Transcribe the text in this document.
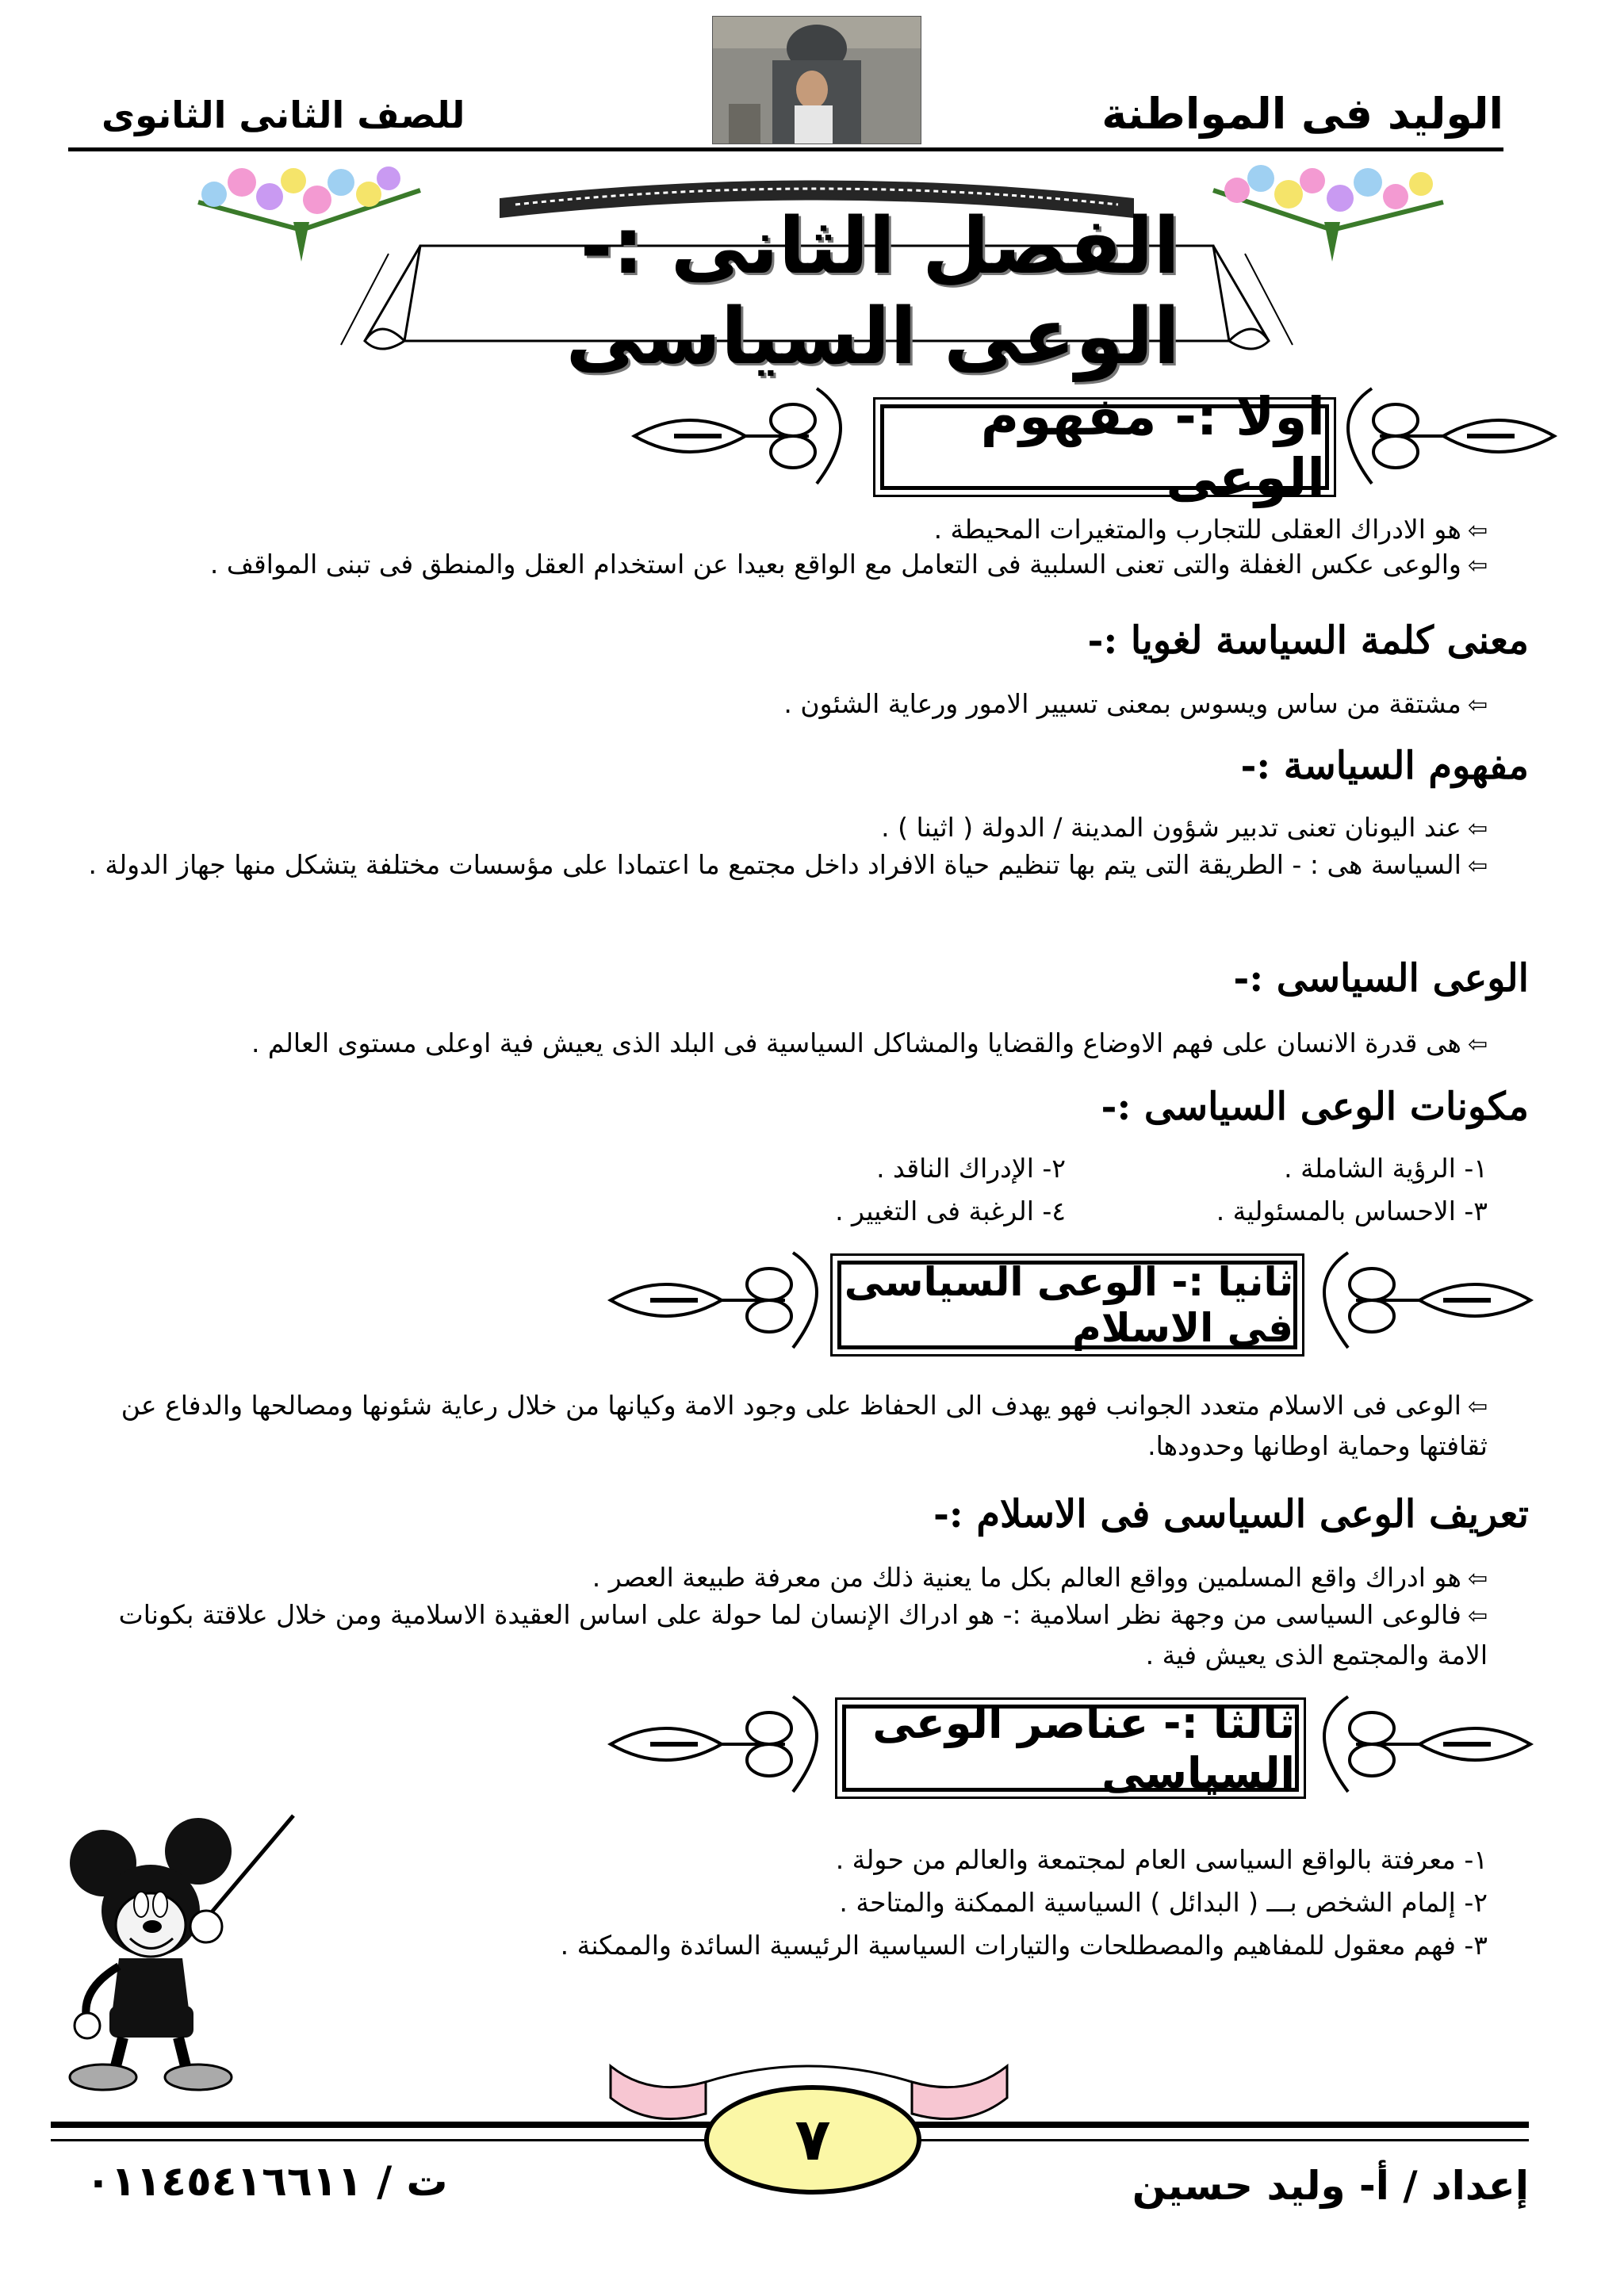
للصف الثانى الثانوى	الوليد فى المواطنة
الفصل الثانى :- الوعى السياسى
اولا :- مفهوم الوعى
⇦هو الادراك العقلى للتجارب والمتغيرات المحيطة .
⇦والوعى عكس الغفلة والتى تعنى السلبية فى التعامل مع الواقع بعيدا عن استخدام العقل والمنطق فى تبنى المواقف .
معنى كلمة السياسة لغويا :-
⇦مشتقة من ساس ويسوس بمعنى تسيير الامور ورعاية الشئون .
مفهوم السياسة :-
⇦عند اليونان تعنى تدبير شؤون المدينة / الدولة ( اثينا ) .
⇦السياسة هى : - الطريقة التى يتم بها تنظيم حياة الافراد داخل مجتمع ما اعتمادا على مؤسسات مختلفة يتشكل منها جهاز الدولة .
الوعى السياسى :-
⇦هى قدرة الانسان على فهم الاوضاع والقضايا والمشاكل السياسية فى البلد الذى يعيش فية اوعلى مستوى العالم .
مكونات الوعى السياسى :-
١- الرؤية الشاملة .
٢- الإدراك الناقد .
٣- الاحساس بالمسئولية .
٤- الرغبة فى التغيير .
ثانيا :- الوعى السياسى فى الاسلام
⇦الوعى فى الاسلام متعدد الجوانب فهو يهدف الى الحفاظ على وجود الامة وكيانها من خلال رعاية شئونها ومصالحها والدفاع عن ثقافتها وحماية اوطانها وحدودها.
تعريف الوعى السياسى فى الاسلام :-
⇦هو ادراك واقع المسلمين وواقع العالم بكل ما يعنية ذلك من معرفة طبيعة العصر .
⇦فالوعى السياسى من وجهة نظر اسلامية :- هو ادراك الإنسان لما حولة على اساس العقيدة الاسلامية ومن خلال علاقتة بكونات الامة والمجتمع الذى يعيش فية .
ثالثا :- عناصر الوعى السياسى
١- معرفتة بالواقع السياسى العام لمجتمعة والعالم من حولة .
٢- إلمام الشخص بـــ ( البدائل ) السياسية الممكنة والمتاحة .
٣- فهم معقول للمفاهيم والمصطلحات والتيارات السياسية الرئيسية السائدة والممكنة .
٧
إعداد / أ- وليد حسين
ت / ٠١١٤٥٤١٦٦١١
